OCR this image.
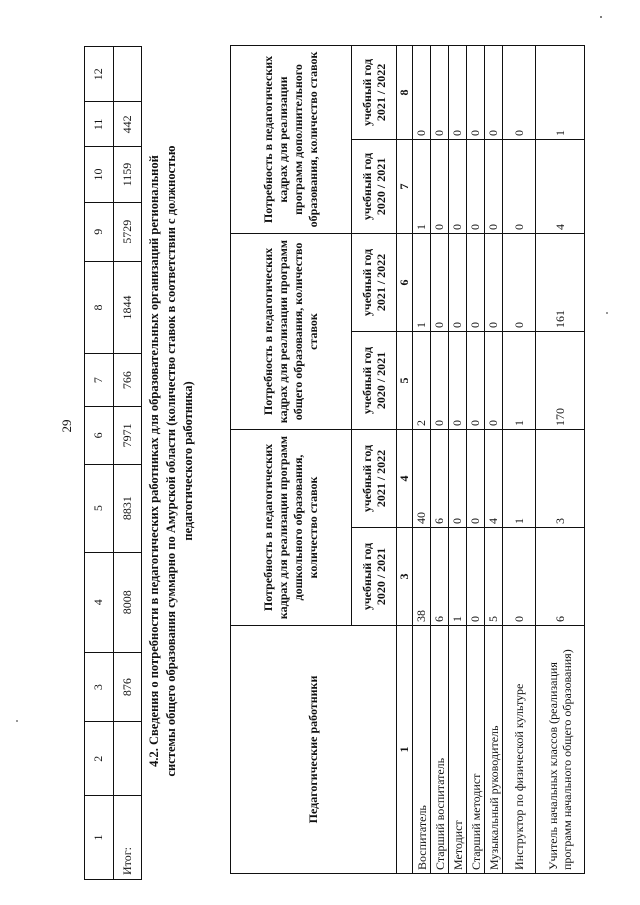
29
1	2	3	4	5	6	7	8	9	10	11	12
Итог:		876	8008	8831	7971	766	1844	5729	1159	442	
4.2. Сведения о потребности в педагогических работниках для образовательных организаций региональной системы общего образования суммарно по Амурской области (количество ставок в соответствии с должностью педагогического работника)
Педагогические работники	Потребность в педагогических кадрах для реализации программ дошкольного образования, количество ставок		Потребность в педагогических кадрах для реализации программ общего образования, количество ставок		Потребность в педагогических кадрах для реализации программ дополнительного образования, количество ставок	
	учебный год 2020 / 2021	учебный год 2021 / 2022	учебный год 2020 / 2021	учебный год 2021 / 2022	учебный год 2020 / 2021	учебный год 2021 / 2022
1	3	4	5	6	7	8
Воспитатель	38	40	2	1	1	0
Старший воспитатель	6	6	0	0	0	0
Методист	1	0	0	0	0	0
Старший методист	0	0	0	0	0	0
Музыкальный руководитель	5	4	0	0	0	0
Инструктор по физической культуре	0	1	1	0	0	0
Учитель начальных классов (реализация программ начального общего образования)	6	3	170	161	4	1
